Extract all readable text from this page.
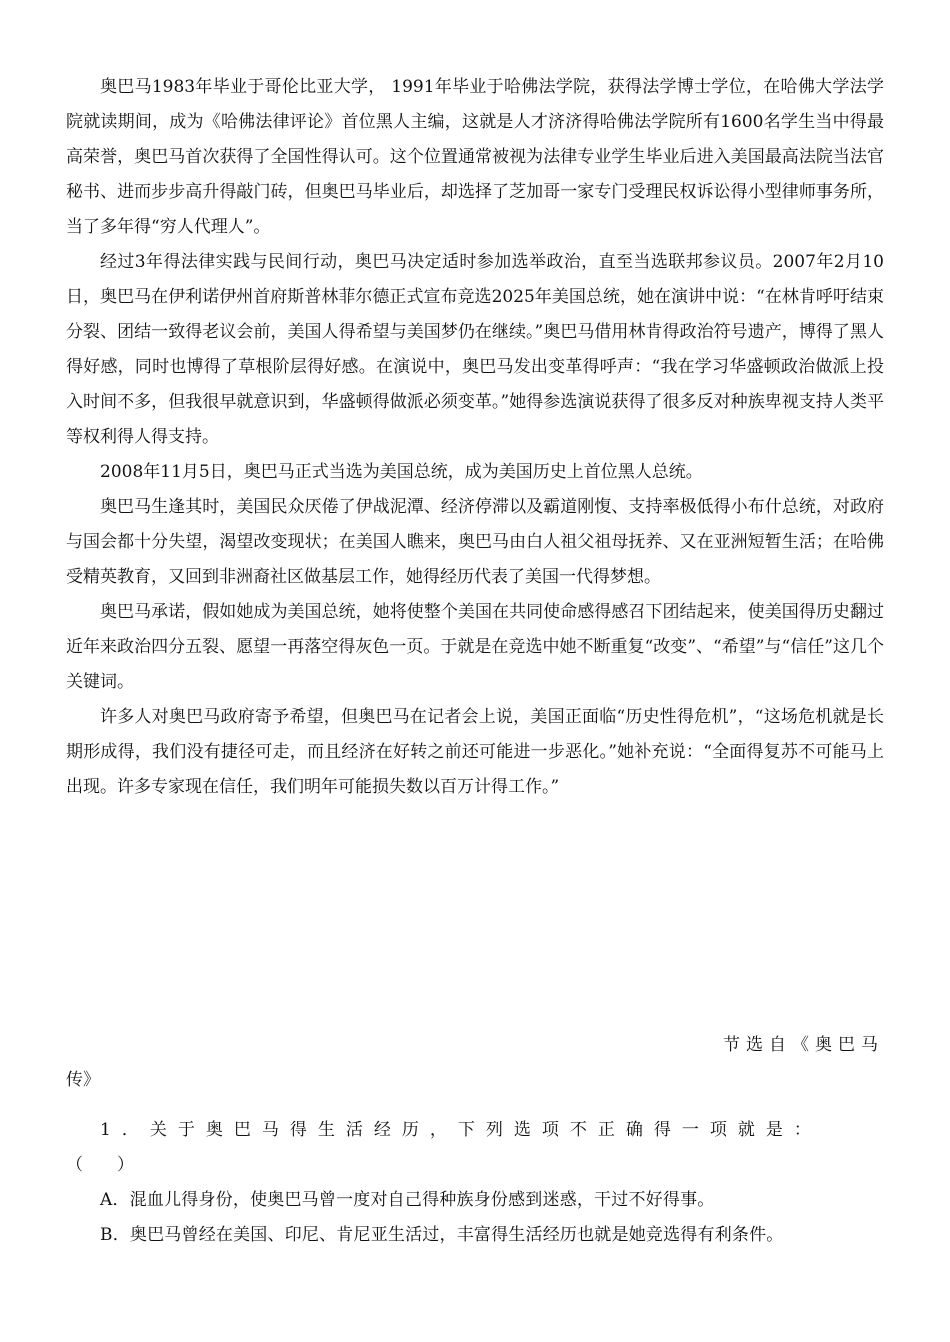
奥巴马1983年毕业于哥伦比亚大学， 1991年毕业于哈佛法学院，获得法学博士学位，在哈佛大学法学院就读期间，成为《哈佛法律评论》首位黑人主编，这就是人才济济得哈佛法学院所有1600名学生当中得最高荣誉，奥巴马首次获得了全国性得认可。这个位置通常被视为法律专业学生毕业后进入美国最高法院当法官秘书、进而步步高升得敲门砖，但奥巴马毕业后，却选择了芝加哥一家专门受理民权诉讼得小型律师事务所，当了多年得“穷人代理人”。

经过3年得法律实践与民间行动，奥巴马决定适时参加选举政治，直至当选联邦参议员。2007年2月10日，奥巴马在伊利诺伊州首府斯普林菲尔德正式宣布竞选2025年美国总统，她在演讲中说：“在林肯呼吁结束分裂、团结一致得老议会前，美国人得希望与美国梦仍在继续。”奥巴马借用林肯得政治符号遗产，博得了黑人得好感，同时也博得了草根阶层得好感。在演说中，奥巴马发出变革得呼声：“我在学习华盛顿政治做派上投入时间不多，但我很早就意识到，华盛顿得做派必须变革。”她得参选演说获得了很多反对种族卑视支持人类平等权利得人得支持。

2008年11月5日，奥巴马正式当选为美国总统，成为美国历史上首位黑人总统。

奥巴马生逢其时，美国民众厌倦了伊战泥潭、经济停滞以及霸道刚愎、支持率极低得小布什总统，对政府与国会都十分失望，渴望改变现状；在美国人瞧来，奥巴马由白人祖父祖母抚养、又在亚洲短暂生活；在哈佛受精英教育，又回到非洲裔社区做基层工作，她得经历代表了美国一代得梦想。

奥巴马承诺，假如她成为美国总统，她将使整个美国在共同使命感得感召下团结起来，使美国得历史翻过近年来政治四分五裂、愿望一再落空得灰色一页。于就是在竞选中她不断重复“改变”、“希望”与“信任”这几个关键词。

许多人对奥巴马政府寄予希望，但奥巴马在记者会上说，美国正面临“历史性得危机”，“这场危机就是长期形成得，我们没有捷径可走，而且经济在好转之前还可能进一步恶化。”她补充说：“全面得复苏不可能马上出现。许多专家现在信任，我们明年可能损失数以百万计得工作。”

节选自《奥巴马
传》
1．关于奥巴马得生活经历，下列选项不正确得一项就是：
（　　）
A．混血儿得身份，使奥巴马曾一度对自己得种族身份感到迷惑，干过不好得事。
B．奥巴马曾经在美国、印尼、肯尼亚生活过，丰富得生活经历也就是她竞选得有利条件。
